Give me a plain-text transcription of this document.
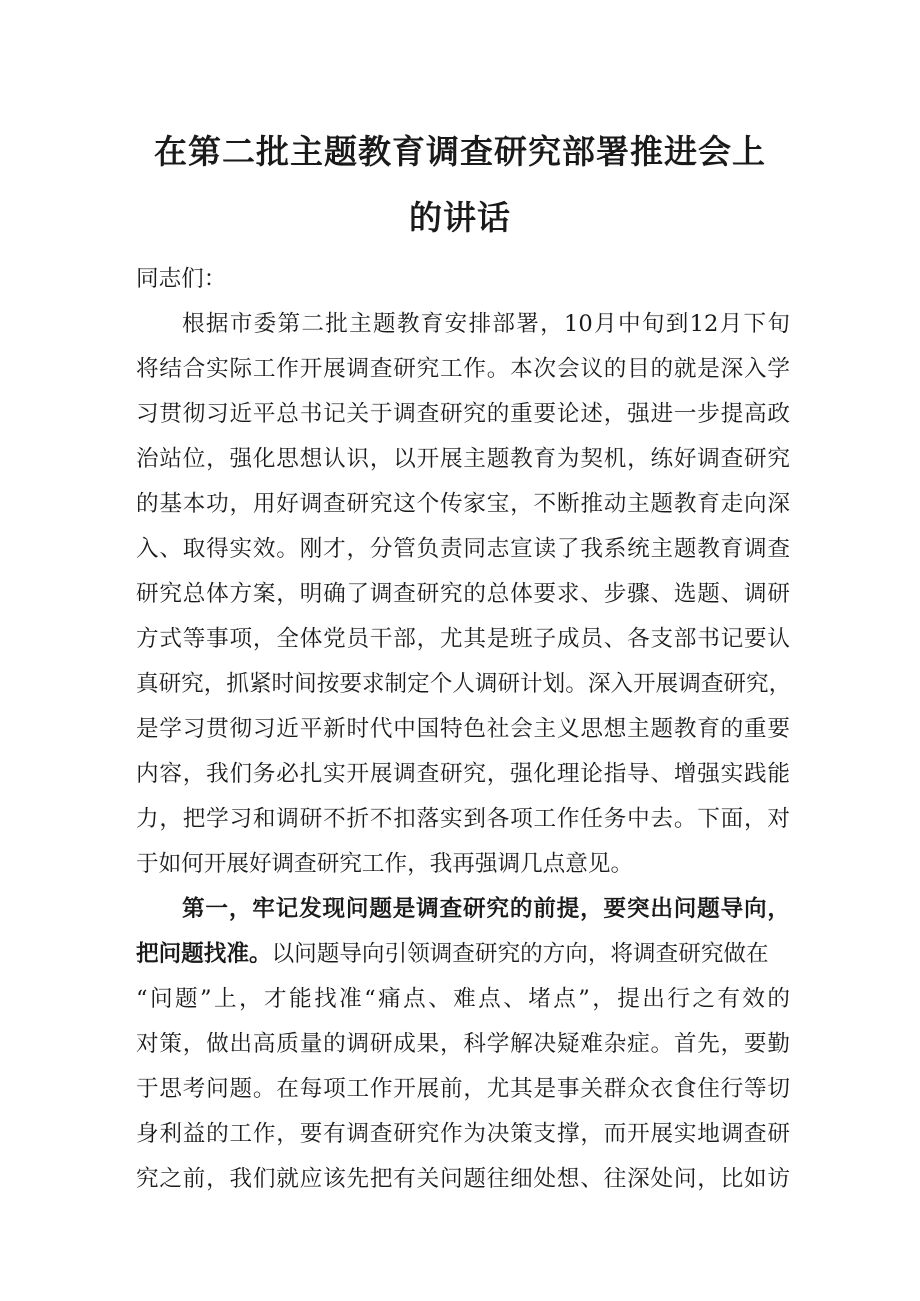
在第二批主题教育调查研究部署推进会上
的讲话

同志们：

根据市委第二批主题教育安排部署，10月中旬到12月下旬

将结合实际工作开展调查研究工作。本次会议的目的就是深入学

习贯彻习近平总书记关于调查研究的重要论述，强进一步提高政

治站位，强化思想认识，以开展主题教育为契机，练好调查研究

的基本功，用好调查研究这个传家宝，不断推动主题教育走向深

入、取得实效。刚才，分管负责同志宣读了我系统主题教育调查

研究总体方案，明确了调查研究的总体要求、步骤、选题、调研

方式等事项，全体党员干部，尤其是班子成员、各支部书记要认

真研究，抓紧时间按要求制定个人调研计划。深入开展调查研究，

是学习贯彻习近平新时代中国特色社会主义思想主题教育的重要

内容，我们务必扎实开展调查研究，强化理论指导、增强实践能

力，把学习和调研不折不扣落实到各项工作任务中去。下面，对

于如何开展好调查研究工作，我再强调几点意见。

第一，牢记发现问题是调查研究的前提，要突出问题导向，

把问题找准。以问题导向引领调查研究的方向，将调查研究做在

“问题”上，才能找准“痛点、难点、堵点”，提出行之有效的

对策，做出高质量的调研成果，科学解决疑难杂症。首先，要勤

于思考问题。在每项工作开展前，尤其是事关群众衣食住行等切

身利益的工作，要有调查研究作为决策支撑，而开展实地调查研

究之前，我们就应该先把有关问题往细处想、往深处问，比如访
